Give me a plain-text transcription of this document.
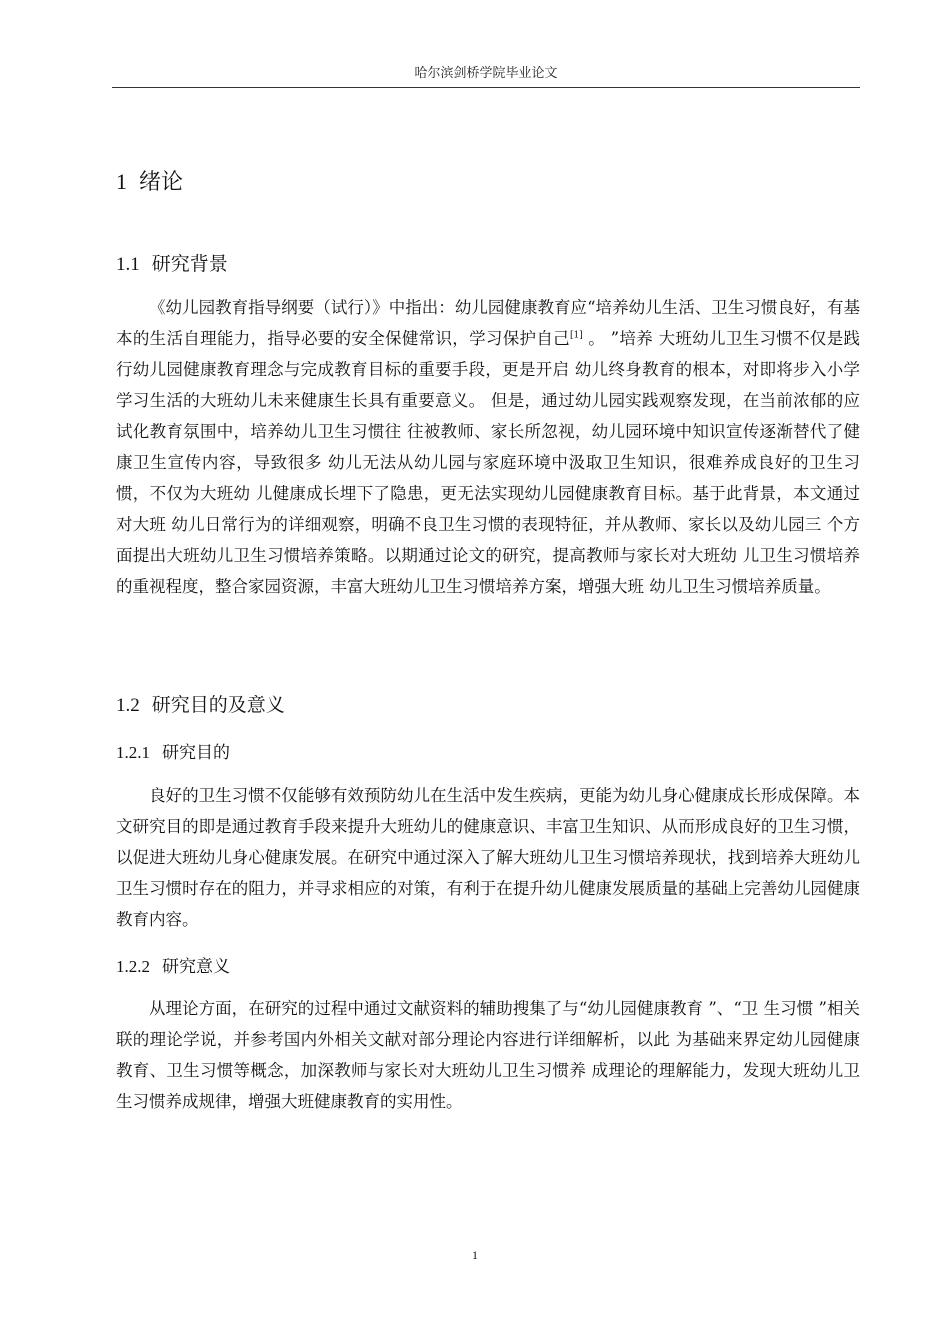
哈尔滨剑桥学院毕业论文
1 绪论
1.1 研究背景

《幼儿园教育指导纲要（试行）》中指出：幼儿园健康教育应“培养幼儿生活、卫生习惯良好，有基本的生活自理能力，指导必要的安全保健常识，学习保护自己[1] 。 ”培养 大班幼儿卫生习惯不仅是践行幼儿园健康教育理念与完成教育目标的重要手段，更是开启 幼儿终身教育的根本，对即将步入小学学习生活的大班幼儿未来健康生长具有重要意义。 但是，通过幼儿园实践观察发现，在当前浓郁的应试化教育氛围中，培养幼儿卫生习惯往 往被教师、家长所忽视，幼儿园环境中知识宣传逐渐替代了健康卫生宣传内容，导致很多 幼儿无法从幼儿园与家庭环境中汲取卫生知识，很难养成良好的卫生习惯，不仅为大班幼 儿健康成长埋下了隐患，更无法实现幼儿园健康教育目标。基于此背景，本文通过对大班 幼儿日常行为的详细观察，明确不良卫生习惯的表现特征，并从教师、家长以及幼儿园三 个方面提出大班幼儿卫生习惯培养策略。以期通过论文的研究，提高教师与家长对大班幼 儿卫生习惯培养的重视程度，整合家园资源，丰富大班幼儿卫生习惯培养方案，增强大班 幼儿卫生习惯培养质量。

1.2 研究目的及意义
1.2.1 研究目的

良好的卫生习惯不仅能够有效预防幼儿在生活中发生疾病，更能为幼儿身心健康成长形成保障。本文研究目的即是通过教育手段来提升大班幼儿的健康意识、丰富卫生知识、从而形成良好的卫生习惯，以促进大班幼儿身心健康发展。在研究中通过深入了解大班幼儿卫生习惯培养现状，找到培养大班幼儿卫生习惯时存在的阻力，并寻求相应的对策，有利于在提升幼儿健康发展质量的基础上完善幼儿园健康教育内容。

1.2.2 研究意义

从理论方面，在研究的过程中通过文献资料的辅助搜集了与“幼儿园健康教育 ”、“卫 生习惯 ”相关联的理论学说，并参考国内外相关文献对部分理论内容进行详细解析，以此 为基础来界定幼儿园健康教育、卫生习惯等概念，加深教师与家长对大班幼儿卫生习惯养 成理论的理解能力，发现大班幼儿卫生习惯养成规律，增强大班健康教育的实用性。

1
